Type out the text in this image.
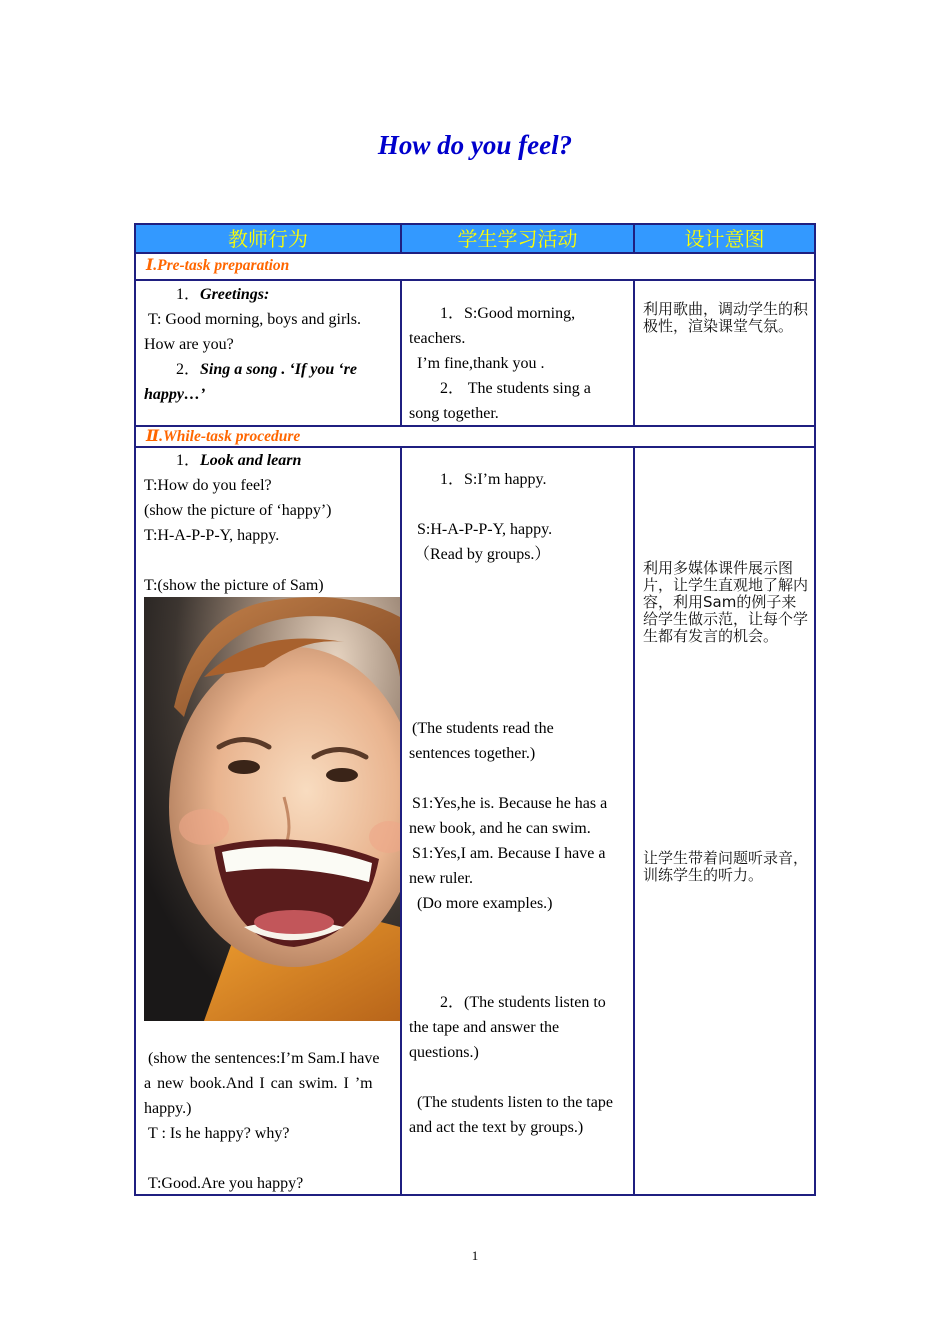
How do you feel?
教师行为	学生学习活动	设计意图
Ⅰ.Pre-task preparation
Ⅱ.While-task procedure
1．Greetings:
T: Good morning, boys and girls.
How are you?
2．Sing a song . ‘If you ‘re
happy…’
1．S:Good morning,
teachers.
I’m fine,thank you .
2． The students sing a
song together.
利用歌曲，调动学生的积极性，渲染课堂气氛。
1．Look and learn
T:How do you feel?
(show the picture of ‘happy’)
T:H-A-P-P-Y, happy.
T:(show the picture of Sam)
(show the sentences:I’m Sam.I have
a new book.And I can swim. I ’m
happy.)
T : Is he happy? why?
T:Good.Are you happy?
1．S:I’m happy.
S:H-A-P-P-Y, happy.
（Read by groups.）
(The students read the
sentences together.)
S1:Yes,he is. Because he has a
new book, and he can swim.
S1:Yes,I am. Because I have a
new ruler.
(Do more examples.)
2．(The students listen to
the tape and answer the
questions.)
(The students listen to the tape
and act the text by groups.)
利用多媒体课件展示图片，让学生直观地了解内容，利用Sam的例子来给学生做示范，让每个学生都有发言的机会。
让学生带着问题听录音，训练学生的听力。
1
